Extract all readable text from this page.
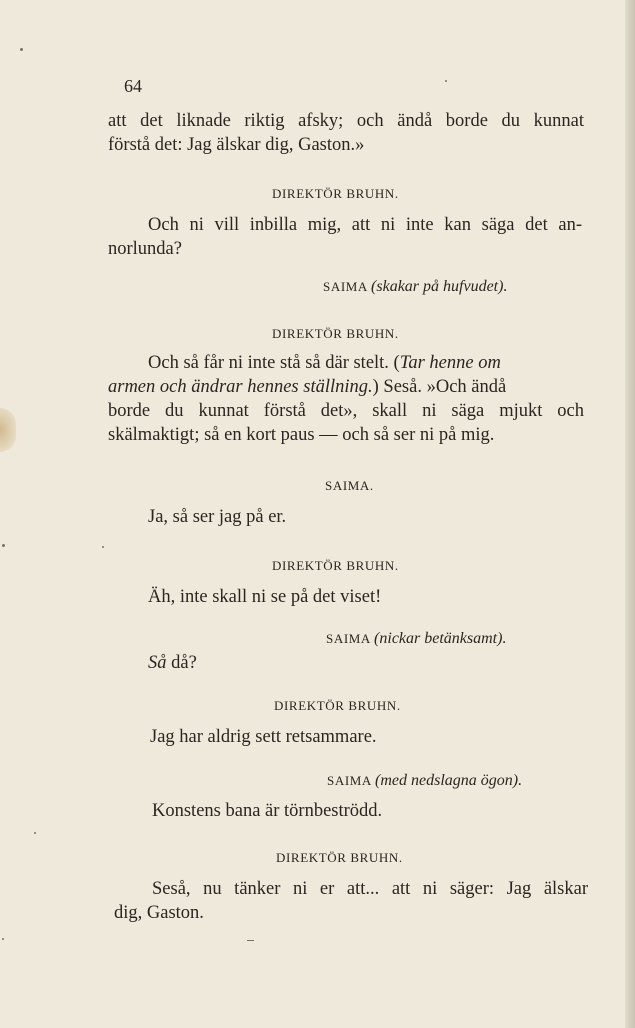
64
att det liknade riktig afsky; och ändå borde du kunnat
förstå det: Jag älskar dig, Gaston.»
DIREKTÖR BRUHN.
Och ni vill inbilla mig, att ni inte kan säga det an-
norlunda?
SAIMA (skakar på hufvudet).
DIREKTÖR BRUHN.
Och så får ni inte stå så där stelt. (Tar henne om
armen och ändrar hennes ställning.) Seså. »Och ändå
borde du kunnat förstå det», skall ni säga mjukt och
skälmaktigt; så en kort paus — och så ser ni på mig.
SAIMA.
Ja, så ser jag på er.
DIREKTÖR BRUHN.
Äh, inte skall ni se på det viset!
SAIMA (nickar betänksamt).
Så då?
DIREKTÖR BRUHN.
Jag har aldrig sett retsammare.
SAIMA (med nedslagna ögon).
Konstens bana är törnbeströdd.
DIREKTÖR BRUHN.
Seså, nu tänker ni er att... att ni säger: Jag älskar
dig, Gaston.
